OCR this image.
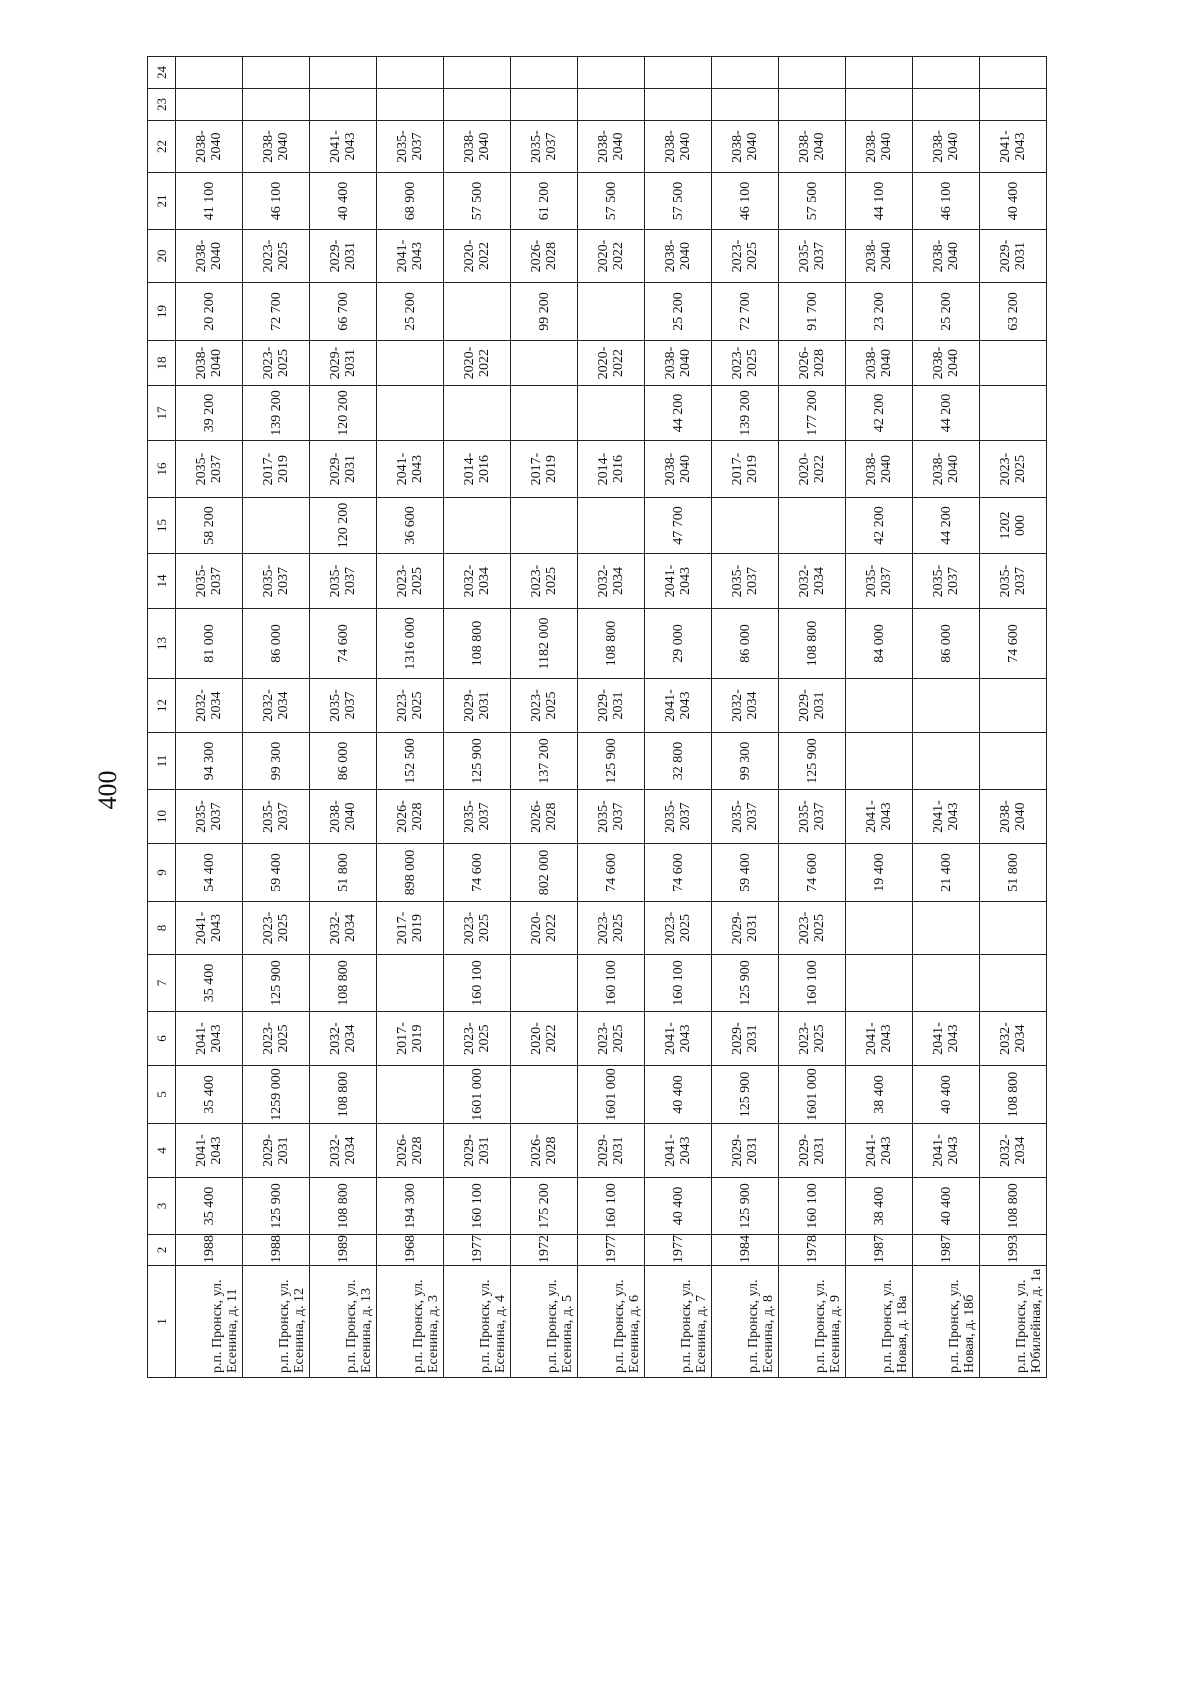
400
1	2	3	4	5	6	7	8	9	10	11	12	13	14	15	16	17	18	19	20	21	22	23	24
р.п. Пронск, ул. Есенина, д. 11	1988	35 400	2041-2043	35 400	2041-2043	35 400	2041-2043	54 400	2035-2037	94 300	2032-2034	81 000	2035-2037	58 200	2035-2037	39 200	2038-2040	20 200	2038-2040	41 100	2038-2040		
р.п. Пронск, ул. Есенина, д. 12	1988	125 900	2029-2031	1259 000	2023-2025	125 900	2023-2025	59 400	2035-2037	99 300	2032-2034	86 000	2035-2037		2017-2019	139 200	2023-2025	72 700	2023-2025	46 100	2038-2040		
р.п. Пронск, ул. Есенина, д. 13	1989	108 800	2032-2034	108 800	2032-2034	108 800	2032-2034	51 800	2038-2040	86 000	2035-2037	74 600	2035-2037	120 200	2029-2031	120 200	2029-2031	66 700	2029-2031	40 400	2041-2043		
р.п. Пронск, ул. Есенина, д. 3	1968	194 300	2026-2028		2017-2019		2017-2019	898 000	2026-2028	152 500	2023-2025	1316 000	2023-2025	36 600	2041-2043			25 200	2041-2043	68 900	2035-2037		
р.п. Пронск, ул. Есенина, д. 4	1977	160 100	2029-2031	1601 000	2023-2025	160 100	2023-2025	74 600	2035-2037	125 900	2029-2031	108 800	2032-2034		2014-2016		2020-2022		2020-2022	57 500	2038-2040		
р.п. Пронск, ул. Есенина, д. 5	1972	175 200	2026-2028		2020-2022		2020-2022	802 000	2026-2028	137 200	2023-2025	1182 000	2023-2025		2017-2019			99 200	2026-2028	61 200	2035-2037		
р.п. Пронск, ул. Есенина, д. 6	1977	160 100	2029-2031	1601 000	2023-2025	160 100	2023-2025	74 600	2035-2037	125 900	2029-2031	108 800	2032-2034		2014-2016		2020-2022		2020-2022	57 500	2038-2040		
р.п. Пронск, ул. Есенина, д. 7	1977	40 400	2041-2043	40 400	2041-2043	160 100	2023-2025	74 600	2035-2037	32 800	2041-2043	29 000	2041-2043	47 700	2038-2040	44 200	2038-2040	25 200	2038-2040	57 500	2038-2040		
р.п. Пронск, ул. Есенина, д. 8	1984	125 900	2029-2031	125 900	2029-2031	125 900	2029-2031	59 400	2035-2037	99 300	2032-2034	86 000	2035-2037		2017-2019	139 200	2023-2025	72 700	2023-2025	46 100	2038-2040		
р.п. Пронск, ул. Есенина, д. 9	1978	160 100	2029-2031	1601 000	2023-2025	160 100	2023-2025	74 600	2035-2037	125 900	2029-2031	108 800	2032-2034		2020-2022	177 200	2026-2028	91 700	2035-2037	57 500	2038-2040		
р.п. Пронск, ул. Новая, д. 18а	1987	38 400	2041-2043	38 400	2041-2043			19 400	2041-2043			84 000	2035-2037	42 200	2038-2040	42 200	2038-2040	23 200	2038-2040	44 100	2038-2040		
р.п. Пронск, ул. Новая, д. 18б	1987	40 400	2041-2043	40 400	2041-2043			21 400	2041-2043			86 000	2035-2037	44 200	2038-2040	44 200	2038-2040	25 200	2038-2040	46 100	2038-2040		
р.п. Пронск, ул. Юбилейная, д. 1а	1993	108 800	2032-2034	108 800	2032-2034			51 800	2038-2040			74 600	2035-2037	1202 000	2023-2025			63 200	2029-2031	40 400	2041-2043		
